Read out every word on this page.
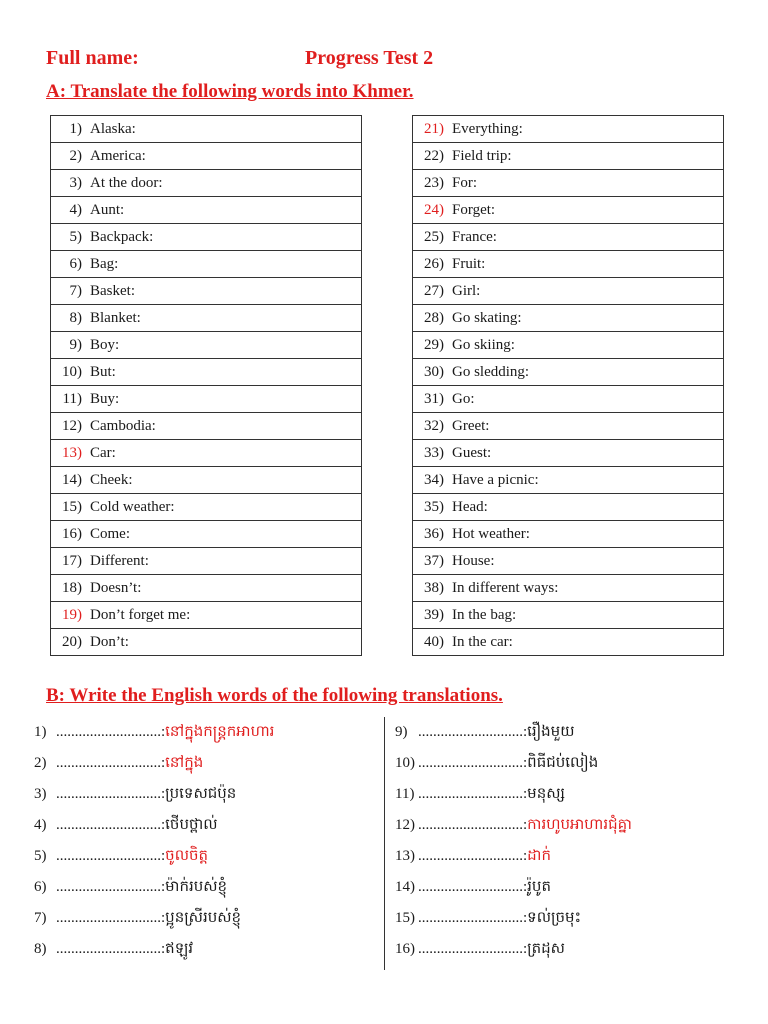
Full name:	Progress Test 2
A: Translate the following words into Khmer.
1) Alaska:

2) America:

3) At the door:

4) Aunt:

5) Backpack:

6) Bag:

7) Basket:

8) Blanket:

9) Boy:

10) But:

11) Buy:

12) Cambodia:

13) Car:

14) Cheek:

15) Cold weather:

16) Come:

17) Different:

18) Doesn’t:

19) Don’t forget me:

20) Don’t:
21) Everything:

22) Field trip:

23) For:

24) Forget:

25) France:

26) Fruit:

27) Girl:

28) Go skating:

29) Go skiing:

30) Go sledding:

31) Go:

32) Greet:

33) Guest:

34) Have a picnic:

35) Head:

36) Hot weather:

37) House:

38) In different ways:

39) In the bag:

40) In the car:
B: Write the English words of the following translations.
1) ............................: នៅក្នុងកន្ត្រកអាហារ
2) ............................: នៅក្នុង
3) ............................: ប្រទេសជប៉ុន
4) ............................: ថើបថ្ពាល់
5) ............................: ចូលចិត្ត
6) ............................: ម៉ាក់របស់ខ្ញុំ
7) ............................: ប្អូនស្រីរបស់ខ្ញុំ
8) ............................: ឥឡូវ
9) ............................: រឿងមួយ
10) ............................: ពិធីជប់លៀង
11) ............................: មនុស្ស
12) ............................: ការហូបអាហារជុំគ្នា
13) ............................: ដាក់
14) ............................: រ៉ូបូត
15) ............................: ទល់ច្រមុះ
16) ............................: ត្រដុស
